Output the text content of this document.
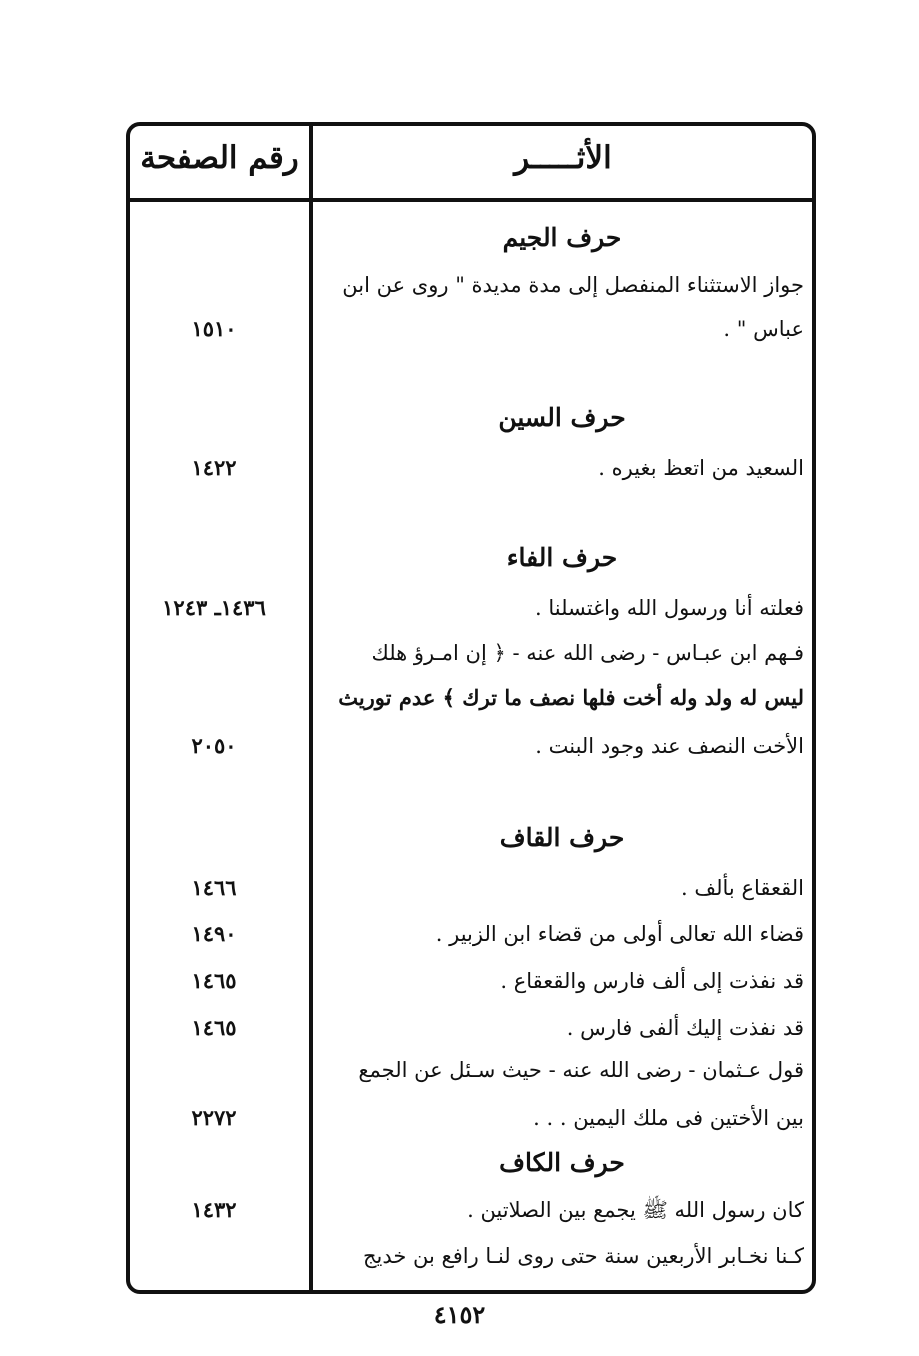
رقم الصفحة	الأثـــــر
حرف الجيم
جواز الاستثناء المنفصل إلى مدة مديدة " روى عن ابن
عباس " .
١٥١٠
حرف السين
السعيد من اتعظ بغيره .
١٤٢٢
حرف الفاء
فعلته أنا ورسول الله واغتسلنا .
١٤٣٦ـ ١٢٤٣
فـهم ابن عبـاس - رضى الله عنه - ﴿ إن امـرؤ هلك
ليس له ولد وله أخت فلها نصف ما ترك ﴾ عدم توريث
الأخت النصف عند وجود البنت .
٢٠٥٠
حرف القاف
القعقاع بألف .
١٤٦٦
قضاء الله تعالى أولى من قضاء ابن الزبير .
١٤٩٠
قد نفذت إلى ألف فارس والقعقاع .
١٤٦٥
قد نفذت إليك ألفى فارس .
١٤٦٥
قول عـثمان - رضى الله عنه - حيث سـئل عن الجمع
بين الأختين فى ملك اليمين . . .
٢٢٧٢
حرف الكاف
كان رسول الله ﷺ يجمع بين الصلاتين .
١٤٣٢
كـنا نخـابر الأربعين سنة حتى روى لنـا رافع بن خديج
٤١٥٢
